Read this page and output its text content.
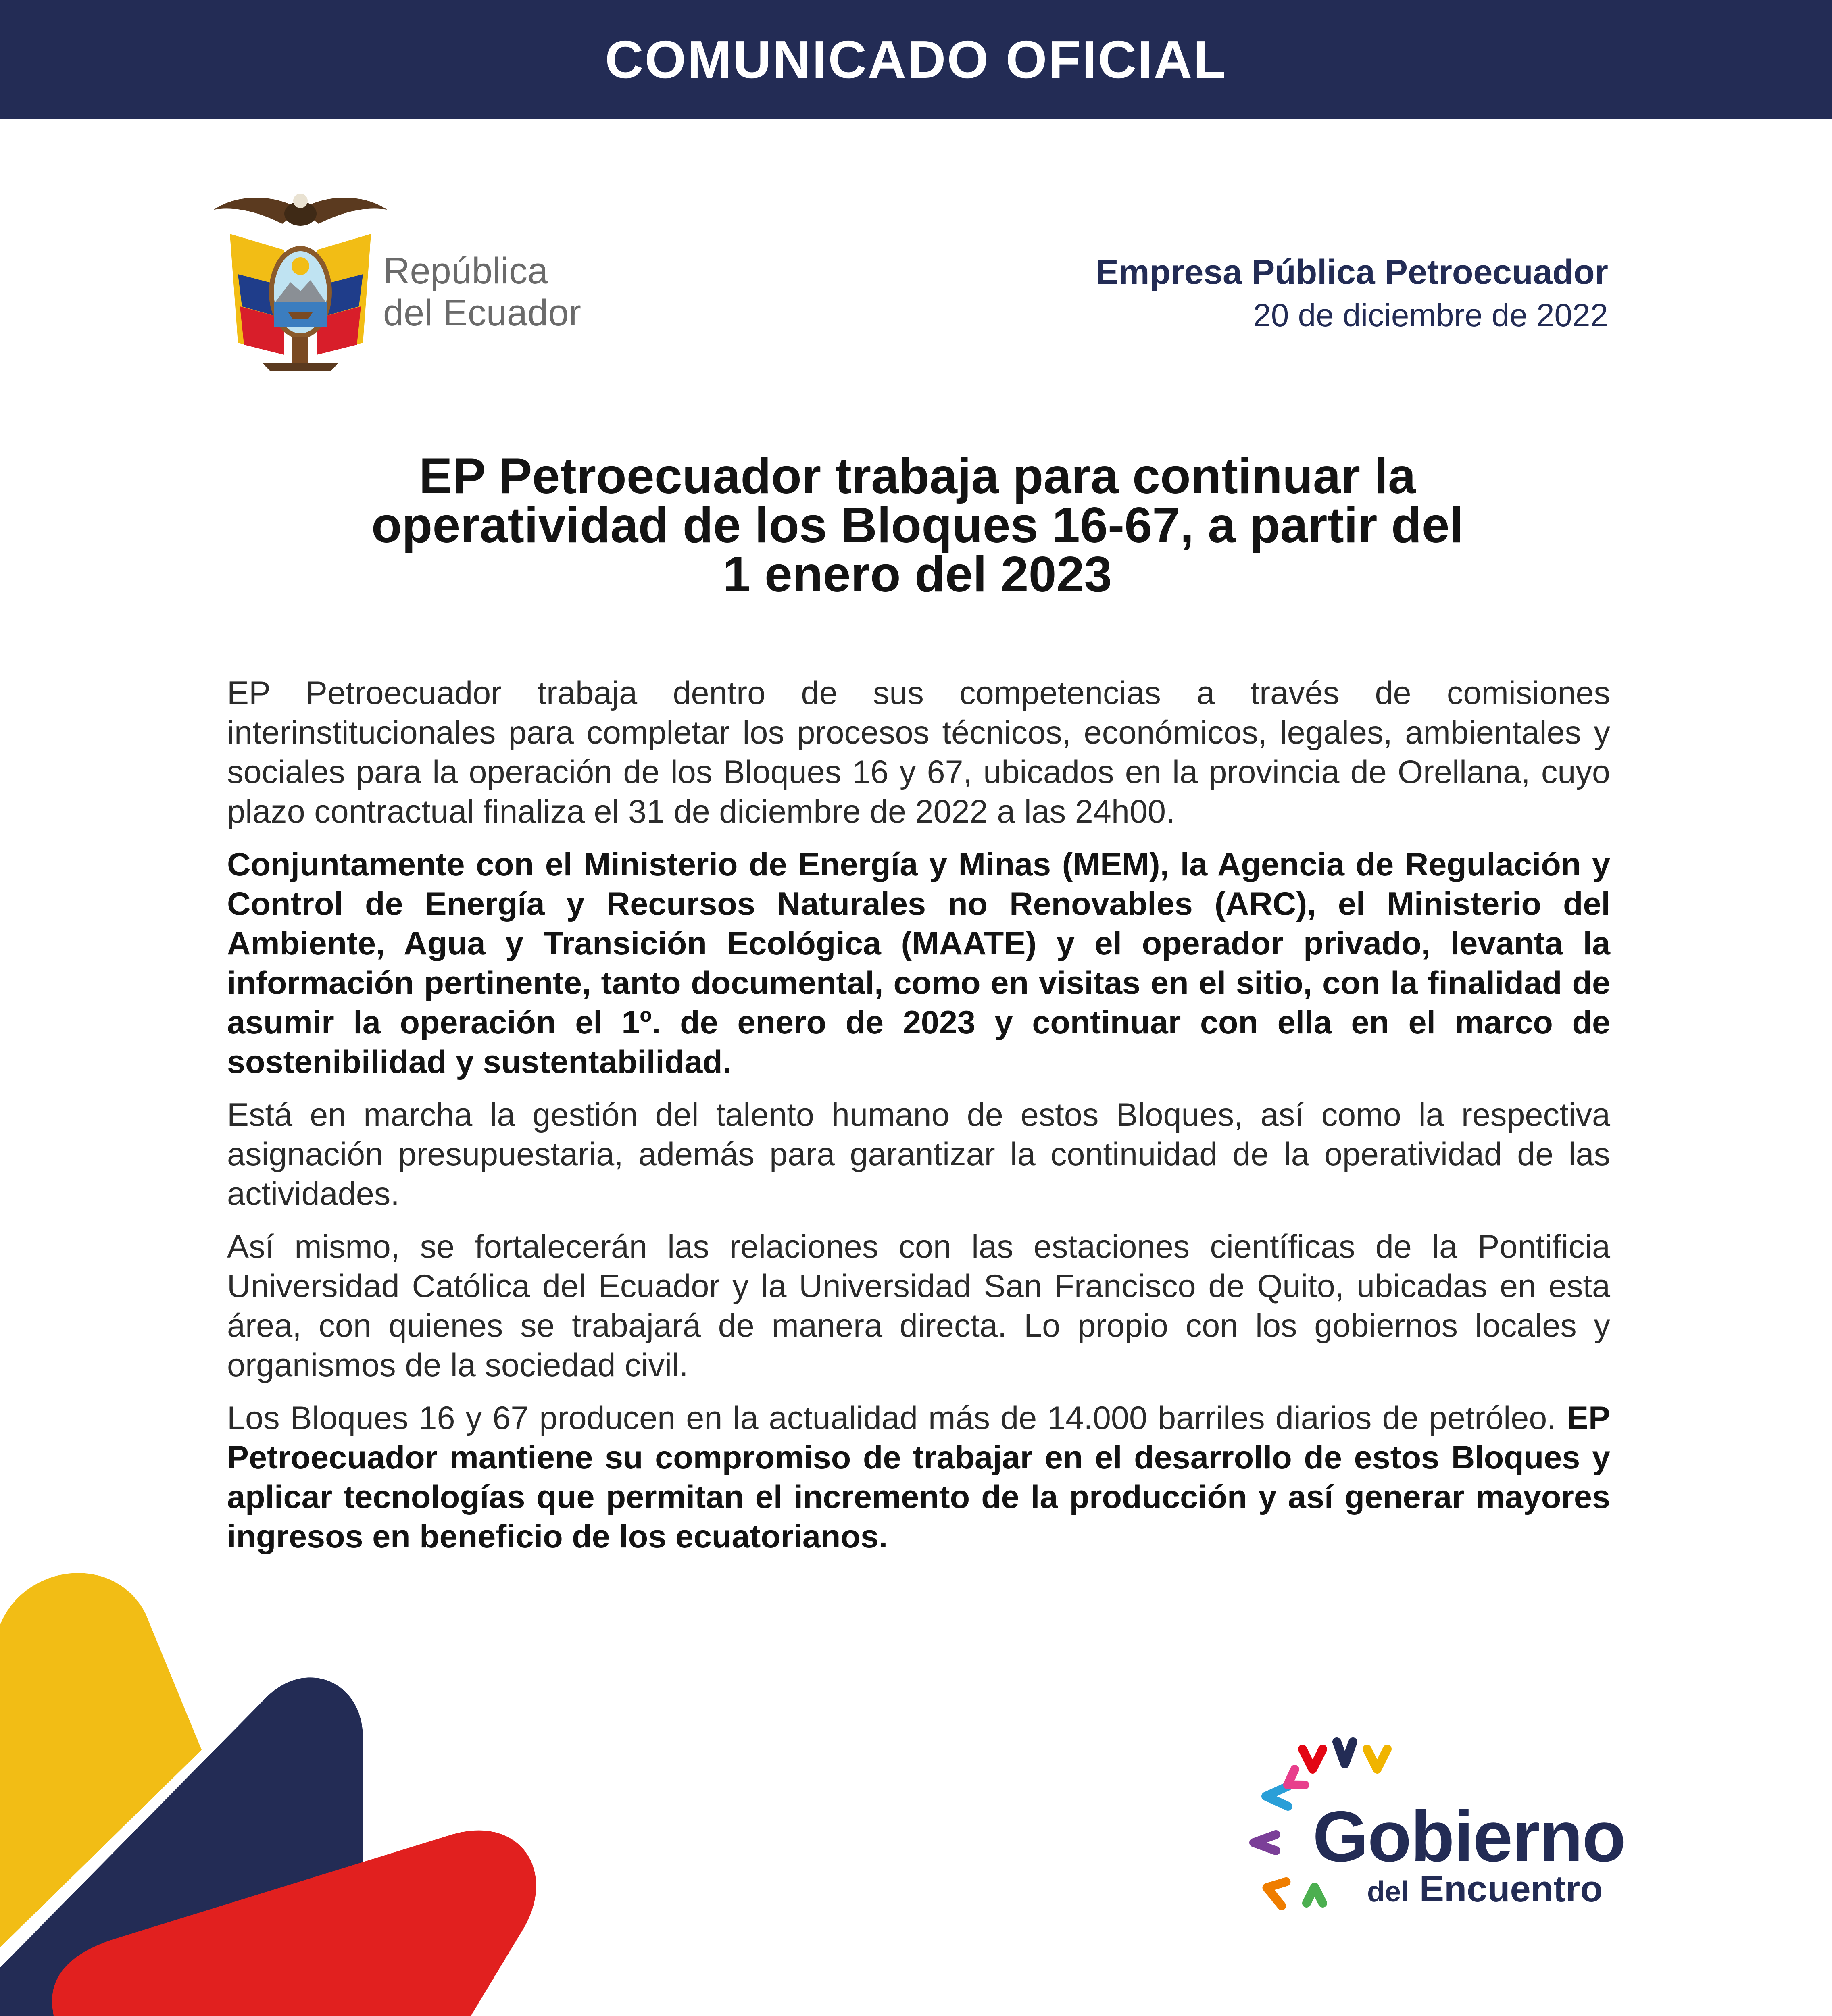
COMUNICADO OFICIAL
República
del Ecuador
Empresa Pública Petroecuador
20 de diciembre de 2022
EP Petroecuador trabaja para continuar la
operatividad de los Bloques 16-67, a partir del
1 enero del 2023

EP Petroecuador trabaja dentro de sus competencias a través de comisiones interinstitucionales para completar los procesos técnicos, económicos, legales, ambientales y sociales para la operación de los Bloques 16 y 67, ubicados en la provincia de Orellana, cuyo plazo contractual finaliza el 31 de diciembre de 2022 a las 24h00.

Conjuntamente con el Ministerio de Energía y Minas (MEM), la Agencia de Regulación y Control de Energía y Recursos Naturales no Renovables (ARC), el Ministerio del Ambiente, Agua y Transición Ecológica (MAATE) y el operador privado, levanta la información pertinente, tanto documental, como en visitas en el sitio, con la finalidad de asumir la operación el 1º. de enero de 2023 y continuar con ella en el marco de sostenibilidad y sustentabilidad.

Está en marcha la gestión del talento humano de estos Bloques, así como la respectiva asignación presupuestaria, además para garantizar la continuidad de la operatividad de las actividades.

Así mismo, se fortalecerán las relaciones con las estaciones científicas de la Pontificia Universidad Católica del Ecuador y la Universidad San Francisco de Quito, ubicadas en esta área, con quienes se trabajará de manera directa. Lo propio con los gobiernos locales y organismos de la sociedad civil.

Los Bloques 16 y 67 producen en la actualidad más de 14.000 barriles diarios de petróleo. EP Petroecuador mantiene su compromiso de trabajar en el desarrollo de estos Bloques y aplicar tecnologías que permitan el incremento de la producción y así generar mayores ingresos en beneficio de los ecuatorianos.

Gobierno
del Encuentro
